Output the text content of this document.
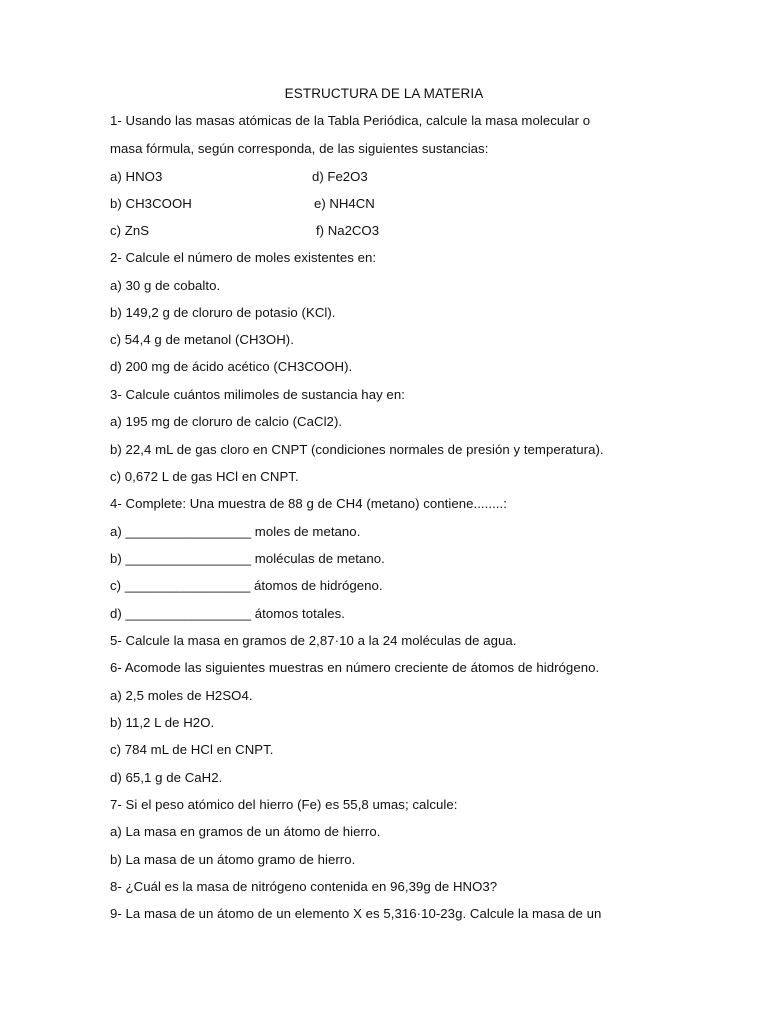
ESTRUCTURA DE LA MATERIA
1- Usando las masas atómicas de la Tabla Periódica, calcule la masa molecular o
masa fórmula, según corresponda, de las siguientes sustancias:
a) HNO3	d) Fe2O3
b) CH3COOH	e) NH4CN
c) ZnS	f) Na2CO3
2- Calcule el número de moles existentes en:
a) 30 g de cobalto.
b) 149,2 g de cloruro de potasio (KCl).
c) 54,4 g de metanol (CH3OH).
d) 200 mg de ácido acético (CH3COOH).
3- Calcule cuántos milimoles de sustancia hay en:
a) 195 mg de cloruro de calcio (CaCl2).
b) 22,4 mL de gas cloro en CNPT (condiciones normales de presión y temperatura).
c) 0,672 L de gas HCl en CNPT.
4- Complete: Una muestra de 88 g de CH4 (metano) contiene........:
a) _________________ moles de metano.
b) _________________ moléculas de metano.
c) _________________ átomos de hidrógeno.
d) _________________ átomos totales.
5- Calcule la masa en gramos de 2,87·10 a la 24 moléculas de agua.
6- Acomode las siguientes muestras en número creciente de átomos de hidrógeno.
a) 2,5 moles de H2SO4.
b) 11,2 L de H2O.
c) 784 mL de HCl en CNPT.
d) 65,1 g de CaH2.
7- Si el peso atómico del hierro (Fe) es 55,8 umas; calcule:
a) La masa en gramos de un átomo de hierro.
b) La masa de un átomo gramo de hierro.
8- ¿Cuál es la masa de nitrógeno contenida en 96,39g de HNO3?
9- La masa de un átomo de un elemento X es 5,316·10-23g. Calcule la masa de un
